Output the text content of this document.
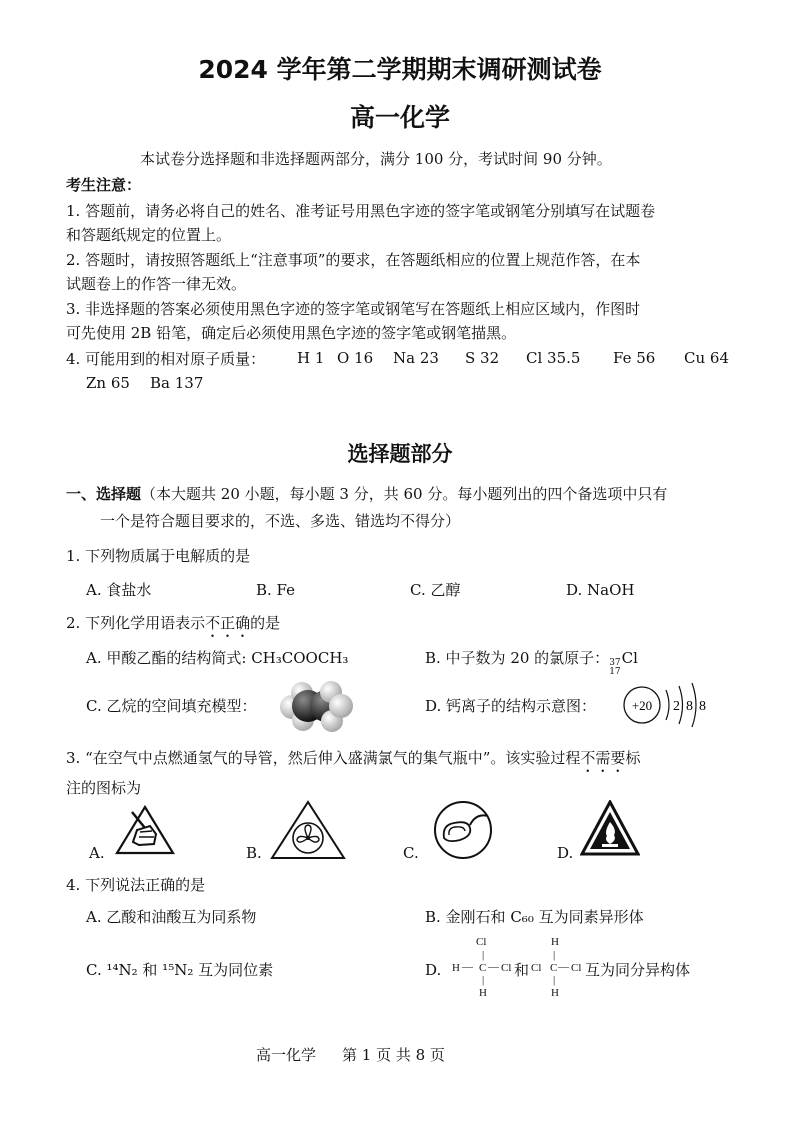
2024 学年第二学期期末调研测试卷
高一化学
本试卷分选择题和非选择题两部分，满分 100 分，考试时间 90 分钟。
考生注意：
1. 答题前，请务必将自己的姓名、准考证号用黑色字迹的签字笔或钢笔分别填写在试题卷
和答题纸规定的位置上。
2. 答题时，请按照答题纸上“注意事项”的要求，在答题纸相应的位置上规范作答，在本
试题卷上的作答一律无效。
3. 非选择题的答案必须使用黑色字迹的签字笔或钢笔写在答题纸上相应区域内，作图时
可先使用 2B 铅笔，确定后必须使用黑色字迹的签字笔或钢笔描黑。
4. 可能用到的相对原子质量： H 1 O 16 Na 23 S 32 Cl 35.5 Fe 56 Cu 64
Zn 65 Ba 137
选择题部分
一、选择题（本大题共 20 小题，每小题 3 分，共 60 分。每小题列出的四个备选项中只有
一个是符合题目要求的，不选、多选、错选均不得分）
1. 下列物质属于电解质的是
A. 食盐水	B. Fe	C. 乙醇	D. NaOH
2. 下列化学用语表示不正确的是
A. 甲酸乙酯的结构简式: CH₃COOCH₃	B. 中子数为 20 的氯原子： 37
17
Cl
C. 乙烷的空间填充模型：	D. 钙离子的结构示意图：	+20 2 8 8
3. “在空气中点燃通氢气的导管，然后伸入盛满氯气的集气瓶中”。该实验过程不需要标
注的图标为
A.	B.	C.	D.
4. 下列说法正确的是
A. 乙酸和油酸互为同系物	B. 金刚石和 C₆₀ 互为同素异形体
C. ¹⁴N₂ 和 ¹⁵N₂ 互为同位素	D.
Cl
|
H — C — Cl
|
H
和
H
|
Cl C — Cl
|
H
互为同分异构体
高一化学 第 1 页 共 8 页
